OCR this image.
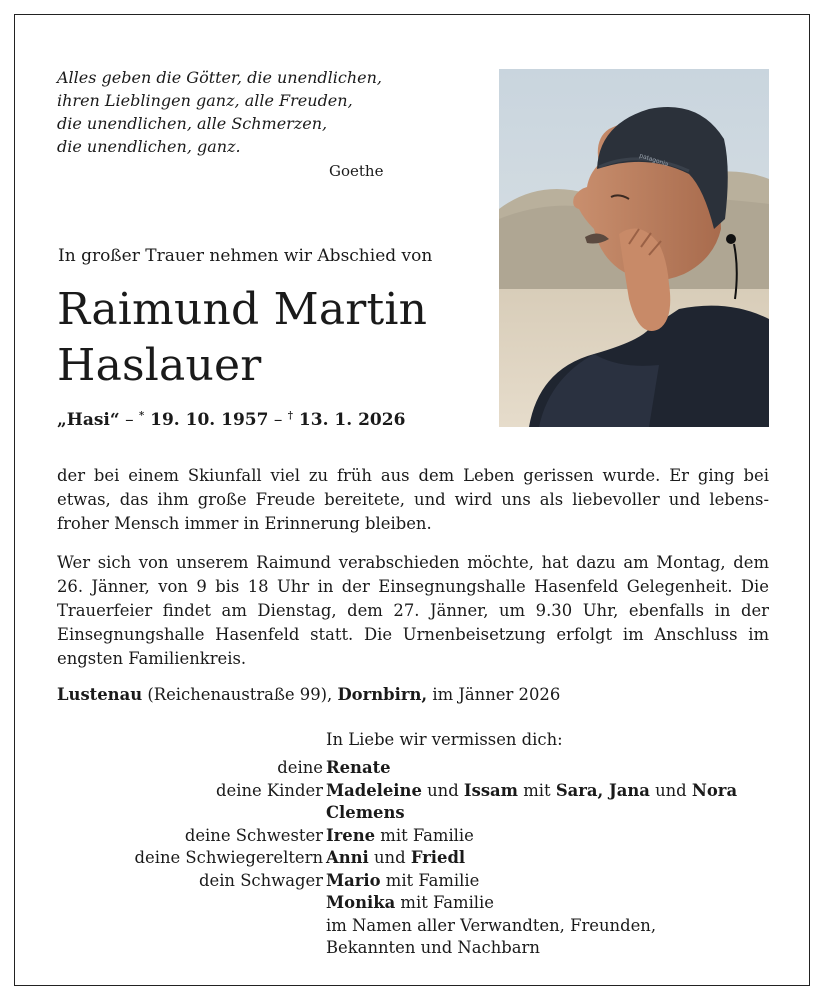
Alles geben die Götter, die unendlichen,
ihren Lieblingen ganz, alle Freuden,
die unendlichen, alle Schmerzen,
die unendlichen, ganz.
Goethe
In großer Trauer nehmen wir Abschied von
Raimund Martin
Haslauer
„Hasi“ – * 19. 10. 1957 – † 13. 1. 2026
patagonia
der bei einem Skiunfall viel zu früh aus dem Leben gerissen wurde. Er ging bei etwas, das ihm große Freude bereitete, und wird uns als liebevoller und lebensfroher Mensch immer in Erinnerung bleiben.
Wer sich von unserem Raimund verabschieden möchte, hat dazu am Montag, dem 26. Jänner, von 9 bis 18 Uhr in der Einsegnungshalle Hasenfeld Gelegenheit. Die Trauerfeier findet am Dienstag, dem 27. Jänner, um 9.30 Uhr, ebenfalls in der Einsegnungshalle Hasenfeld statt. Die Urnenbeisetzung erfolgt im Anschluss im engsten Familienkreis.
Lustenau (Reichenaustraße 99), Dornbirn, im Jänner 2026
In Liebe wir vermissen dich:
deine Renate
deine Kinder Madeleine und Issam mit Sara, Jana und Nora
Clemens
deine Schwester Irene mit Familie
deine Schwiegereltern Anni und Friedl
dein Schwager Mario mit Familie
Monika mit Familie
im Namen aller Verwandten, Freunden,
Bekannten und Nachbarn
